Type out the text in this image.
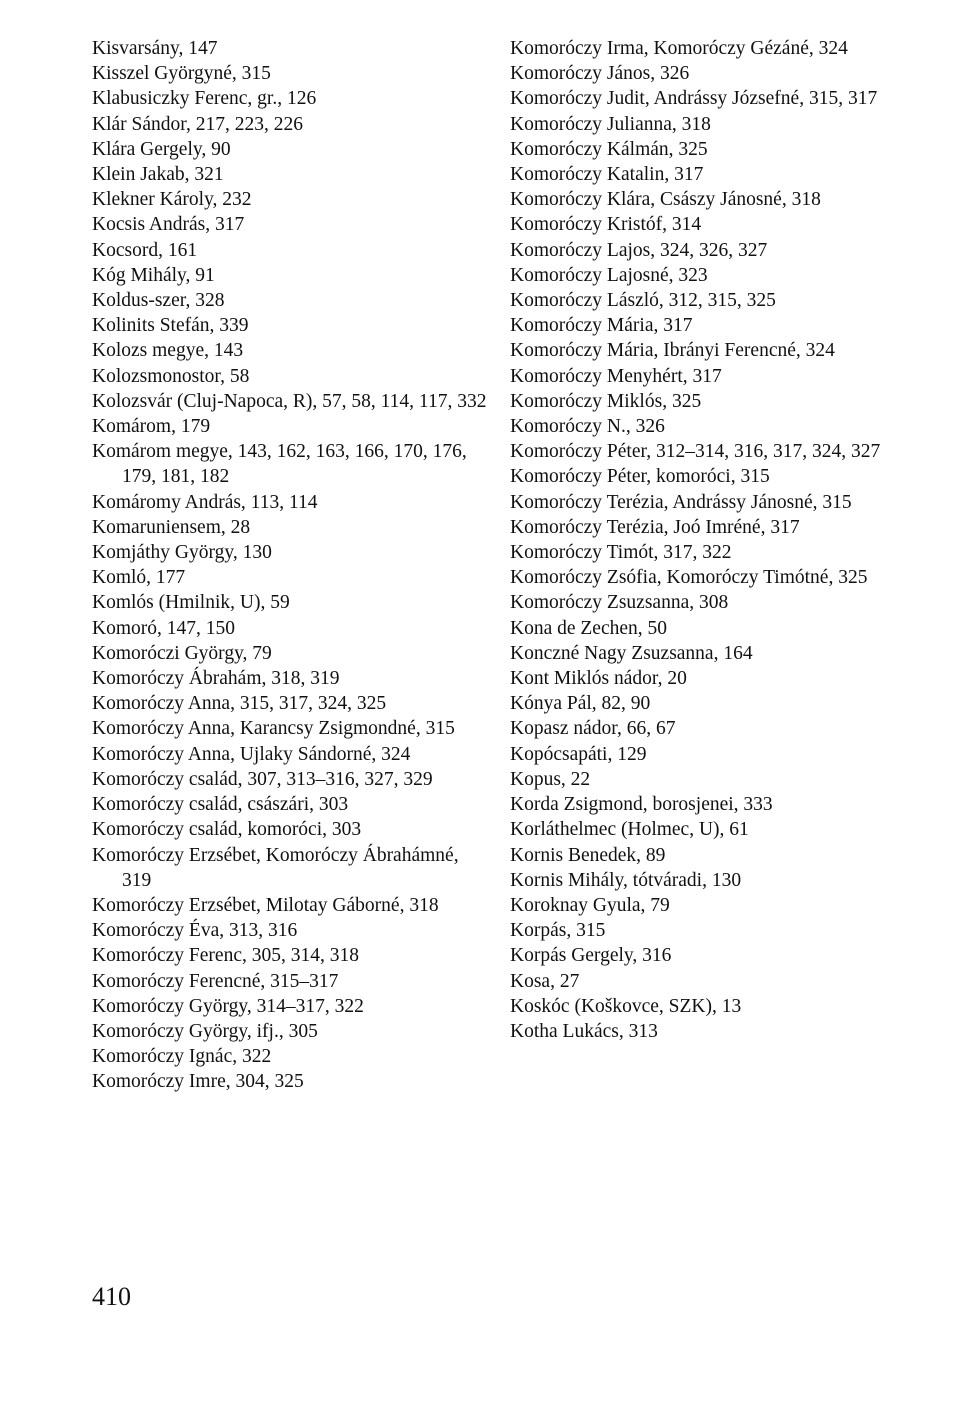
Kisvarsány, 147
Kisszel Györgyné, 315
Klabusiczky Ferenc, gr., 126
Klár Sándor, 217, 223, 226
Klára Gergely, 90
Klein Jakab, 321
Klekner Károly, 232
Kocsis András, 317
Kocsord, 161
Kóg Mihály, 91
Koldus-szer, 328
Kolinits Stefán, 339
Kolozs megye, 143
Kolozsmonostor, 58
Kolozsvár (Cluj-Napoca, R), 57, 58, 114, 117, 332
Komárom, 179
Komárom megye, 143, 162, 163, 166, 170, 176, 179, 181, 182
Komáromy András, 113, 114
Komaruniensem, 28
Komjáthy György, 130
Komló, 177
Komlós (Hmilnik, U), 59
Komoró, 147, 150
Komoróczi György, 79
Komoróczy Ábrahám, 318, 319
Komoróczy Anna, 315, 317, 324, 325
Komoróczy Anna, Karancsy Zsigmondné, 315
Komoróczy Anna, Ujlaky Sándorné, 324
Komoróczy család, 307, 313–316, 327, 329
Komoróczy család, császári, 303
Komoróczy család, komoróci, 303
Komoróczy Erzsébet, Komoróczy Ábrahámné, 319
Komoróczy Erzsébet, Milotay Gáborné, 318
Komoróczy Éva, 313, 316
Komoróczy Ferenc, 305, 314, 318
Komoróczy Ferencné, 315–317
Komoróczy György, 314–317, 322
Komoróczy György, ifj., 305
Komoróczy Ignác, 322
Komoróczy Imre, 304, 325
Komoróczy Irma, Komoróczy Gézáné, 324
Komoróczy János, 326
Komoróczy Judit, Andrássy Józsefné, 315, 317
Komoróczy Julianna, 318
Komoróczy Kálmán, 325
Komoróczy Katalin, 317
Komoróczy Klára, Császy Jánosné, 318
Komoróczy Kristóf, 314
Komoróczy Lajos, 324, 326, 327
Komoróczy Lajosné, 323
Komoróczy László, 312, 315, 325
Komoróczy Mária, 317
Komoróczy Mária, Ibrányi Ferencné, 324
Komoróczy Menyhért, 317
Komoróczy Miklós, 325
Komoróczy N., 326
Komoróczy Péter, 312–314, 316, 317, 324, 327
Komoróczy Péter, komoróci, 315
Komoróczy Terézia, Andrássy Jánosné, 315
Komoróczy Terézia, Joó Imréné, 317
Komoróczy Timót, 317, 322
Komoróczy Zsófia, Komoróczy Timótné, 325
Komoróczy Zsuzsanna, 308
Kona de Zechen, 50
Konczné Nagy Zsuzsanna, 164
Kont Miklós nádor, 20
Kónya Pál, 82, 90
Kopasz nádor, 66, 67
Kopócsapáti, 129
Kopus, 22
Korda Zsigmond, borosjenei, 333
Korláthelmec (Holmec, U), 61
Kornis Benedek, 89
Kornis Mihály, tótváradi, 130
Koroknay Gyula, 79
Korpás, 315
Korpás Gergely, 316
Kosa, 27
Koskóc (Koškovce, SZK), 13
Kotha Lukács, 313
410
